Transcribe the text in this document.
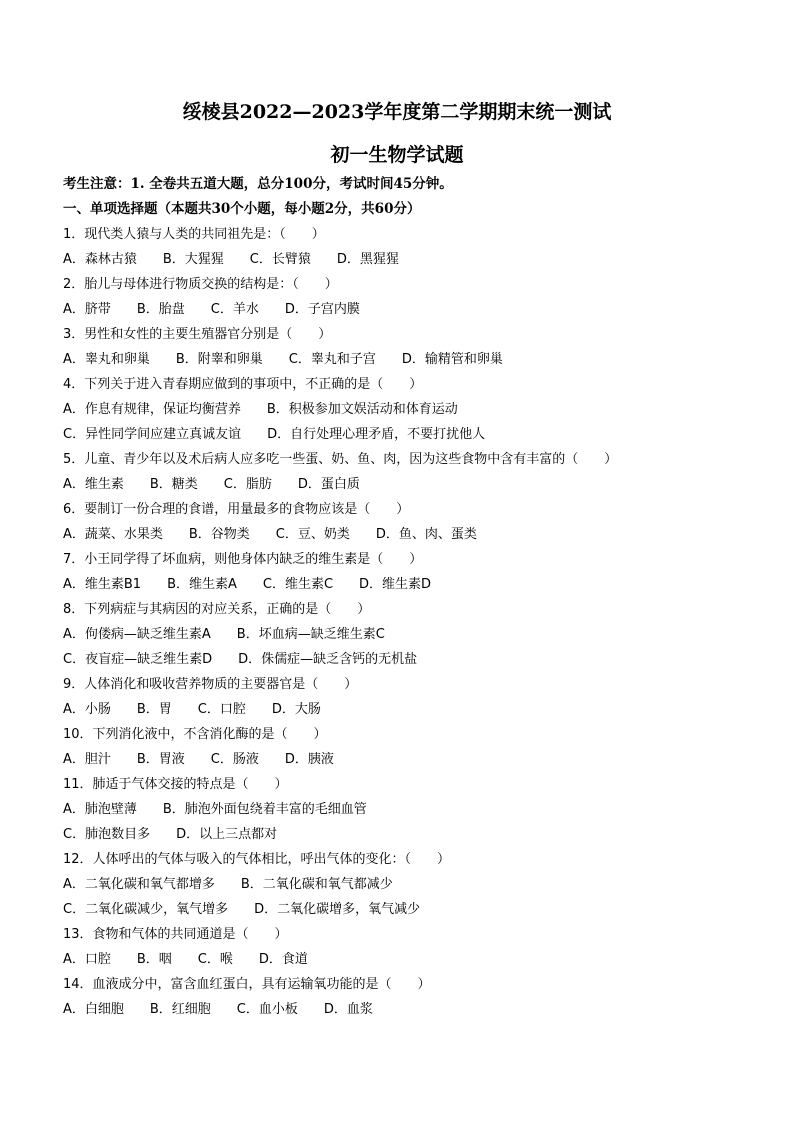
绥棱县2022—2023学年度第二学期期末统一测试
初一生物学试题
考生注意：1. 全卷共五道大题，总分100分，考试时间45分钟。
一、单项选择题（本题共30个小题，每小题2分，共60分）
1．现代类人猿与人类的共同祖先是：（　　）
A．森林古猿　　B．大猩猩　　C．长臂猿　　D．黑猩猩
2．胎儿与母体进行物质交换的结构是：（　　）
A．脐带　　B．胎盘　　C．羊水　　D．子宫内膜
3．男性和女性的主要生殖器官分别是（　　）
A．睾丸和卵巢　　B．附睾和卵巢　　C．睾丸和子宫　　D．输精管和卵巢
4．下列关于进入青春期应做到的事项中，不正确的是（　　）
A．作息有规律，保证均衡营养　　B．积极参加文娱活动和体育运动
C．异性同学间应建立真诚友谊　　D．自行处理心理矛盾，不要打扰他人
5．儿童、青少年以及术后病人应多吃一些蛋、奶、鱼、肉，因为这些食物中含有丰富的（　　）
A．维生素　　B．糖类　　C．脂肪　　D．蛋白质
6．要制订一份合理的食谱，用量最多的食物应该是（　　）
A．蔬菜、水果类　　B．谷物类　　C．豆、奶类　　D．鱼、肉、蛋类
7．小王同学得了坏血病，则他身体内缺乏的维生素是（　　）
A．维生素B1　　B．维生素A　　C．维生素C　　D．维生素D
8．下列病症与其病因的对应关系，正确的是（　　）
A．佝偻病—缺乏维生素A　　B．坏血病—缺乏维生素C
C．夜盲症—缺乏维生素D　　D．侏儒症—缺乏含钙的无机盐
9．人体消化和吸收营养物质的主要器官是（　　）
A．小肠　　B．胃　　C．口腔　　D．大肠
10．下列消化液中，不含消化酶的是（　　）
A．胆汁　　B．胃液　　C．肠液　　D．胰液
11．肺适于气体交接的特点是（　　）
A．肺泡壁薄　　B．肺泡外面包绕着丰富的毛细血管
C．肺泡数目多　　D．以上三点都对
12．人体呼出的气体与吸入的气体相比，呼出气体的变化：（　　）
A．二氧化碳和氧气都增多　　B．二氧化碳和氧气都减少
C．二氧化碳减少，氧气增多　　D．二氧化碳增多，氧气减少
13．食物和气体的共同通道是（　　）
A．口腔　　B．咽　　C．喉　　D．食道
14．血液成分中，富含血红蛋白，具有运输氧功能的是（　　）
A．白细胞　　B．红细胞　　C．血小板　　D．血浆
